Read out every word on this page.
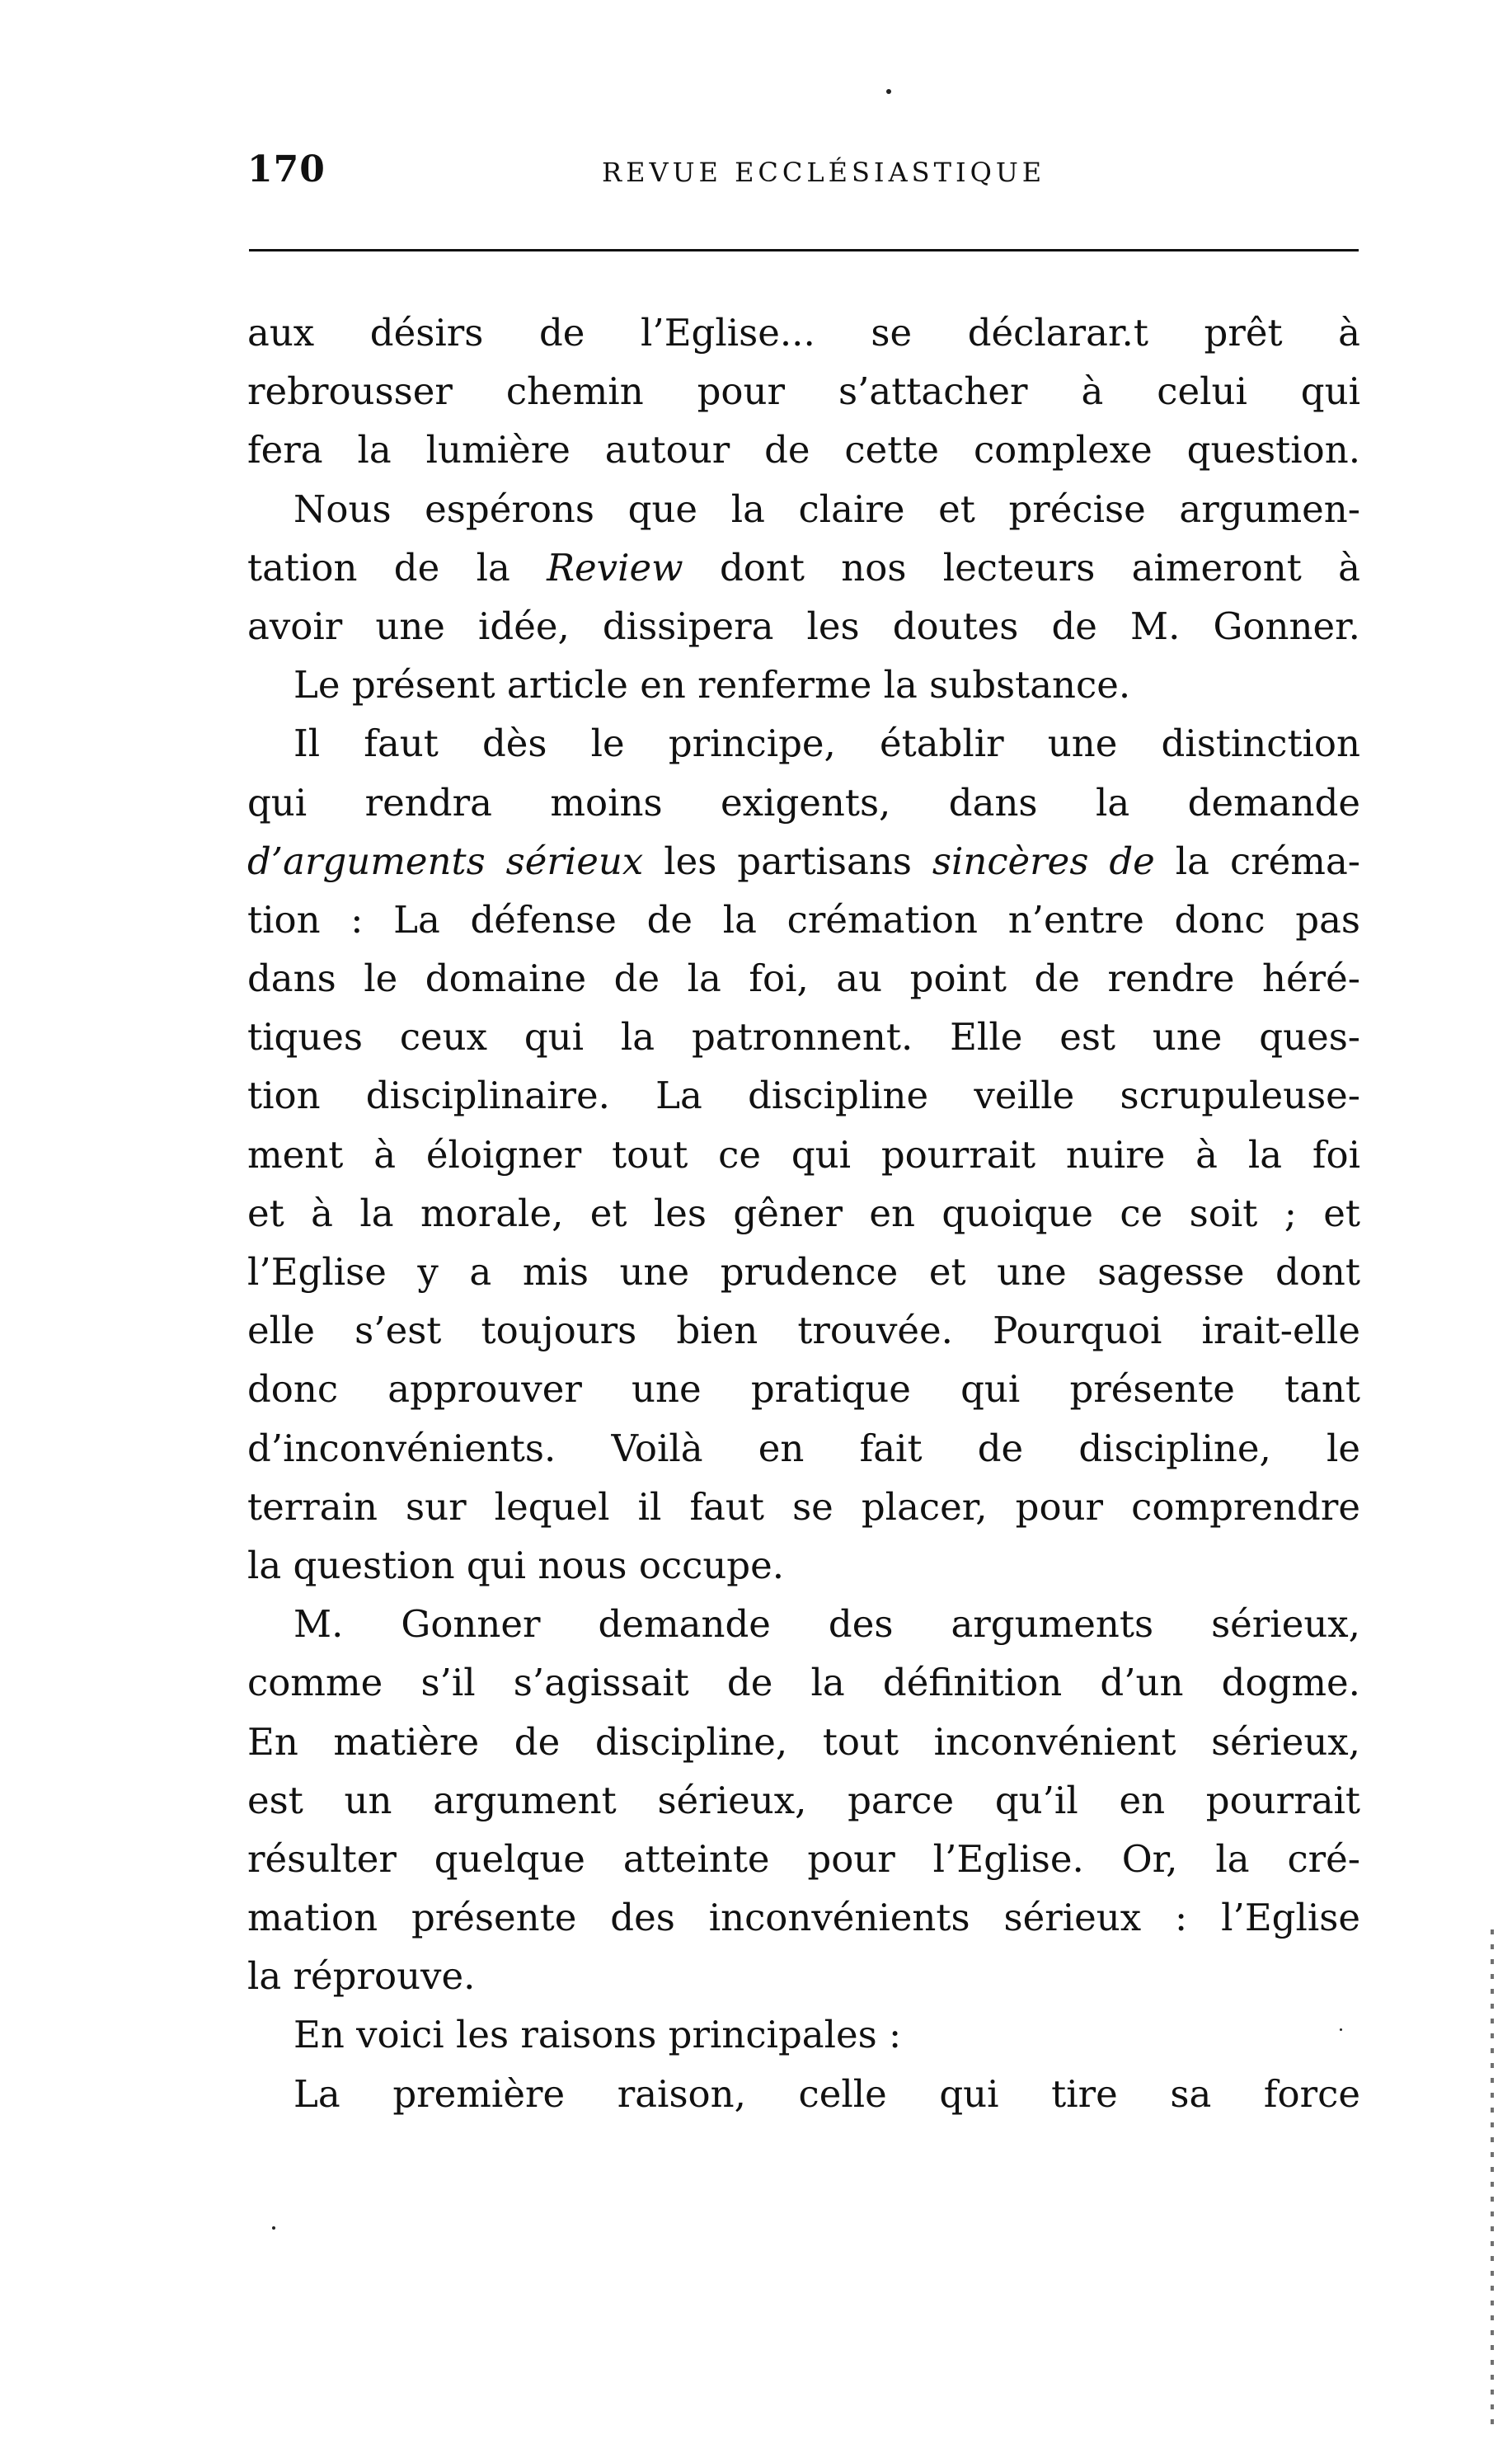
170	REVUE ECCLÉSIASTIQUE
aux désirs de l’Eglise... se déclarar.t prêt à
rebrousser chemin pour s’attacher à celui qui
fera la lumière autour de cette complexe question.
Nous espérons que la claire et précise argumen-
tation de la Review dont nos lecteurs aimeront à
avoir une idée, dissipera les doutes de M. Gonner.
Le présent article en renferme la substance.
Il faut dès le principe, établir une distinction
qui rendra moins exigents, dans la demande
d’arguments sérieux les partisans sincères de la créma-
tion : La défense de la crémation n’entre donc pas
dans le domaine de la foi, au point de rendre héré-
tiques ceux qui la patronnent. Elle est une ques-
tion disciplinaire. La discipline veille scrupuleuse-
ment à éloigner tout ce qui pourrait nuire à la foi
et à la morale, et les gêner en quoique ce soit ; et
l’Eglise y a mis une prudence et une sagesse dont
elle s’est toujours bien trouvée. Pourquoi irait-elle
donc approuver une pratique qui présente tant
d’inconvénients. Voilà en fait de discipline, le
terrain sur lequel il faut se placer, pour comprendre
la question qui nous occupe.
M. Gonner demande des arguments sérieux,
comme s’il s’agissait de la définition d’un dogme.
En matière de discipline, tout inconvénient sérieux,
est un argument sérieux, parce qu’il en pourrait
résulter quelque atteinte pour l’Eglise. Or, la cré-
mation présente des inconvénients sérieux : l’Eglise
la réprouve.
En voici les raisons principales :
La première raison, celle qui tire sa force
